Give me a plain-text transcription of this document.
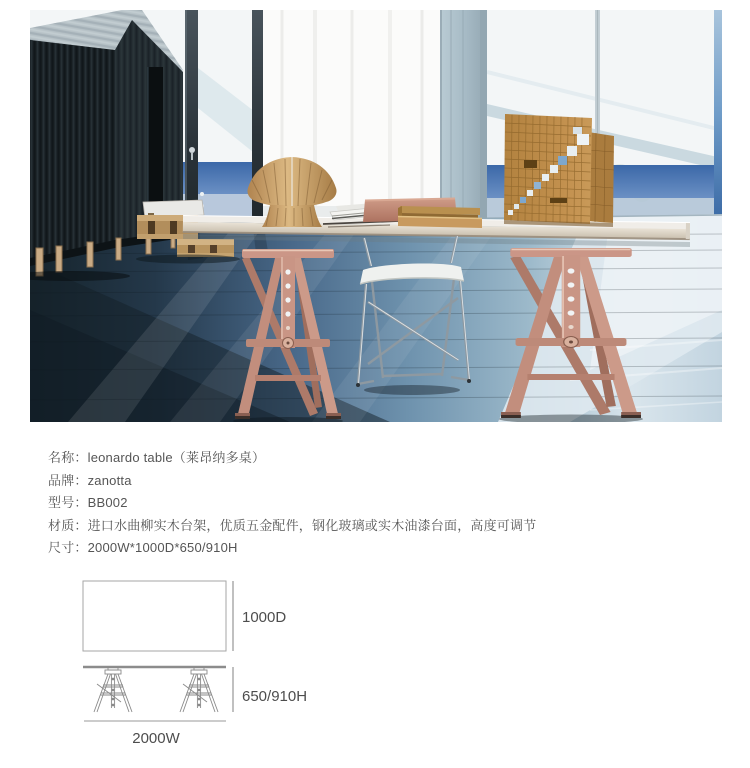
名称：leonardo table（莱昂纳多桌）
品牌：zanotta
型号：BB002
材质：进口水曲柳实木台架，优质五金配件，钢化玻璃或实木油漆台面，高度可调节
尺寸：2000W*1000D*650/910H
1000D
650/910H
2000W
